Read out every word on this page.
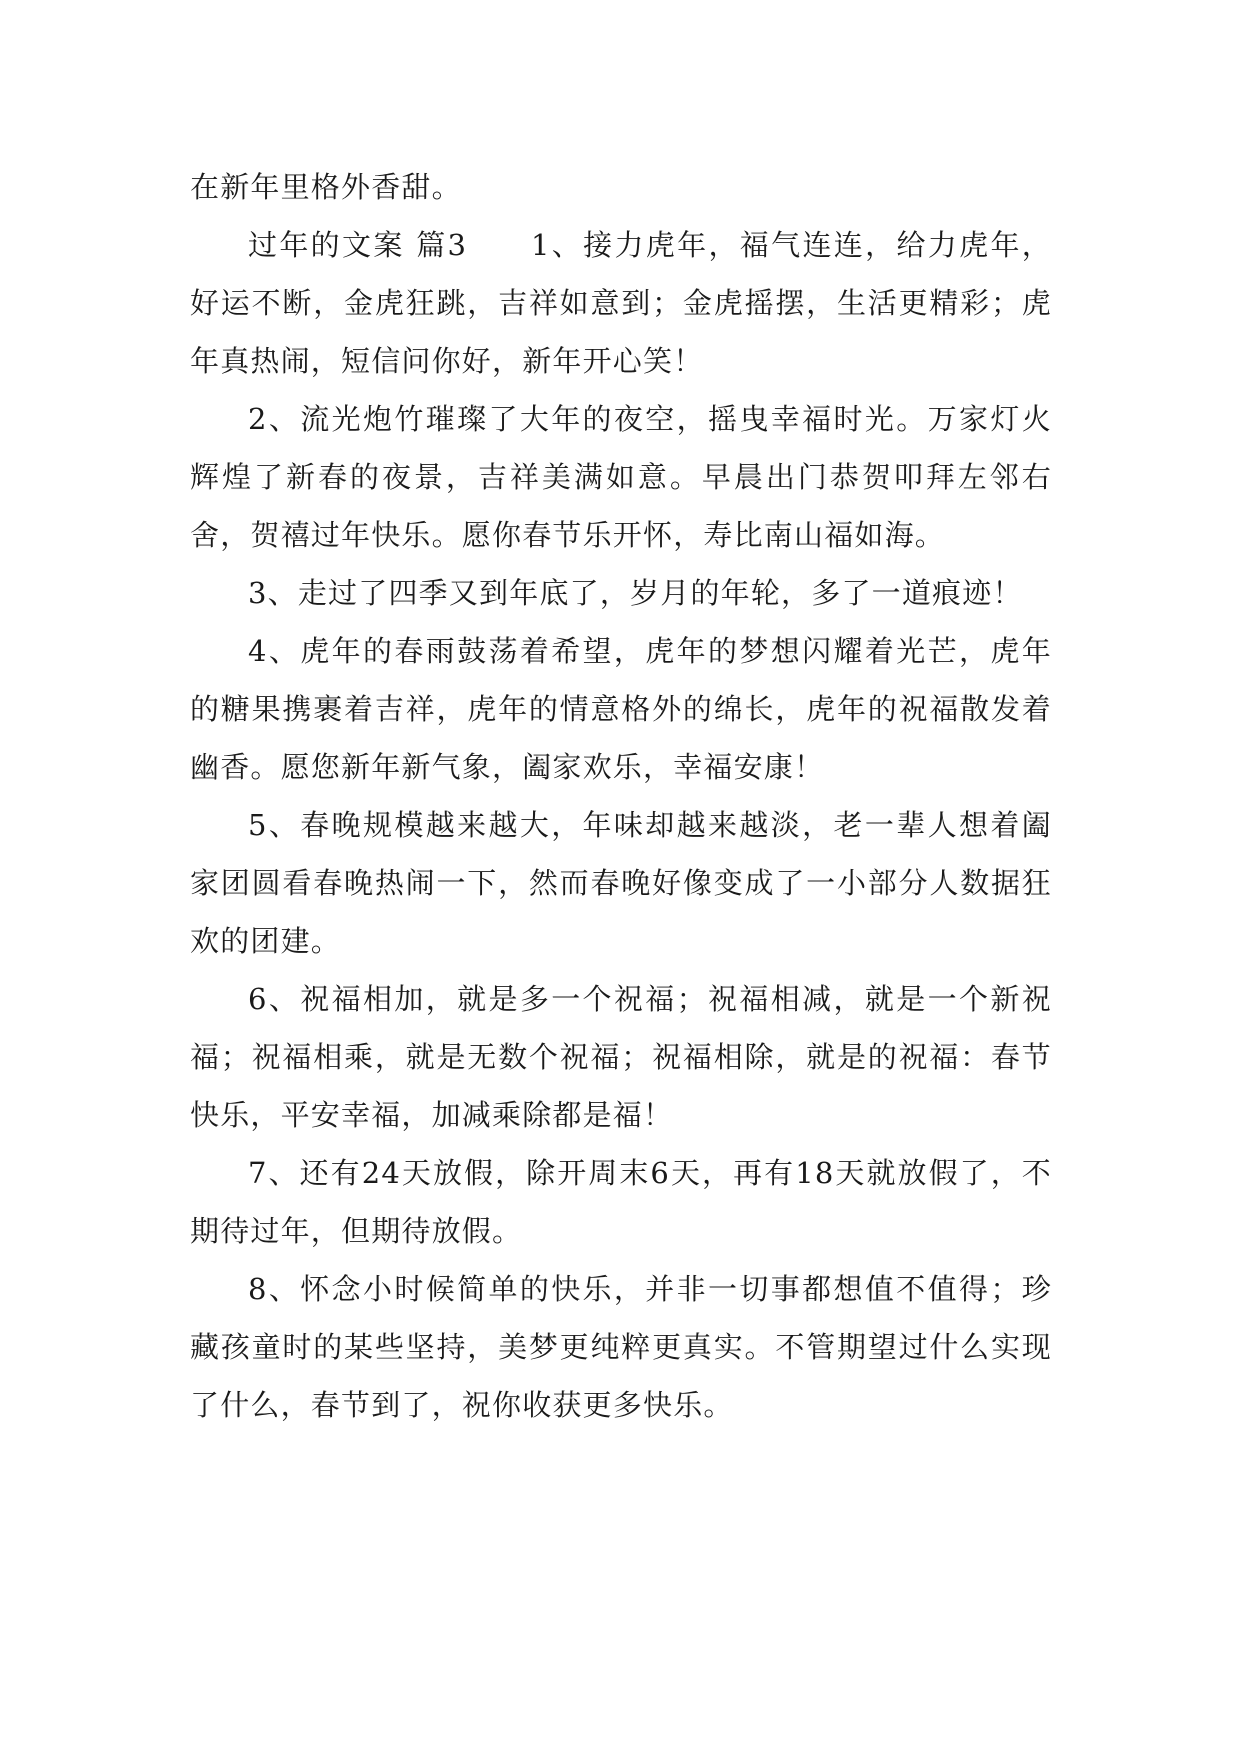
在新年里格外香甜。

过年的文案 篇3　　1、接力虎年，福气连连，给力虎年，好运不断，金虎狂跳，吉祥如意到；金虎摇摆，生活更精彩；虎年真热闹，短信问你好，新年开心笑！

2、流光炮竹璀璨了大年的夜空，摇曳幸福时光。万家灯火辉煌了新春的夜景，吉祥美满如意。早晨出门恭贺叩拜左邻右舍，贺禧过年快乐。愿你春节乐开怀，寿比南山福如海。

3、走过了四季又到年底了，岁月的年轮，多了一道痕迹！

4、虎年的春雨鼓荡着希望，虎年的梦想闪耀着光芒，虎年的糖果携裹着吉祥，虎年的情意格外的绵长，虎年的祝福散发着幽香。愿您新年新气象，阖家欢乐，幸福安康！

5、春晚规模越来越大，年味却越来越淡，老一辈人想着阖家团圆看春晚热闹一下，然而春晚好像变成了一小部分人数据狂欢的团建。

6、祝福相加，就是多一个祝福；祝福相减，就是一个新祝福；祝福相乘，就是无数个祝福；祝福相除，就是的祝福：春节快乐，平安幸福，加减乘除都是福！

7、还有24天放假，除开周末6天，再有18天就放假了，不期待过年，但期待放假。

8、怀念小时候简单的快乐，并非一切事都想值不值得；珍藏孩童时的某些坚持，美梦更纯粹更真实。不管期望过什么实现了什么，春节到了，祝你收获更多快乐。
